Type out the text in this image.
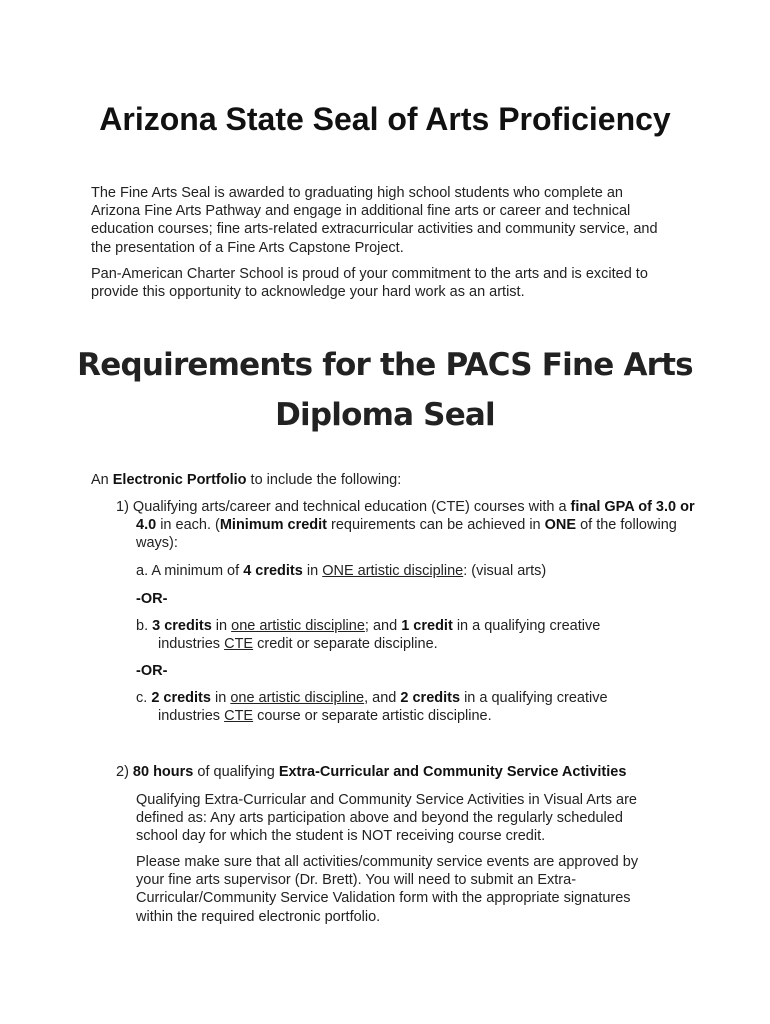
Arizona State Seal of Arts Proficiency

The Fine Arts Seal is awarded to graduating high school students who complete an Arizona Fine Arts Pathway and engage in additional fine arts or career and technical education courses; fine arts-related extracurricular activities and community service, and the presentation of a Fine Arts Capstone Project.

Pan-American Charter School is proud of your commitment to the arts and is excited to provide this opportunity to acknowledge your hard work as an artist.

Requirements for the PACS Fine Arts Diploma Seal

An Electronic Portfolio to include the following:

1) Qualifying arts/career and technical education (CTE) courses with a final GPA of 3.0 or 4.0 in each. (Minimum credit requirements can be achieved in ONE of the following ways):

a. A minimum of 4 credits in ONE artistic discipline: (visual arts)

-OR-

b. 3 credits in one artistic discipline; and 1 credit in a qualifying creative industries CTE credit or separate discipline.

-OR-

c. 2 credits in one artistic discipline, and 2 credits in a qualifying creative industries CTE course or separate artistic discipline.

2) 80 hours of qualifying Extra-Curricular and Community Service Activities

Qualifying Extra-Curricular and Community Service Activities in Visual Arts are defined as: Any arts participation above and beyond the regularly scheduled school day for which the student is NOT receiving course credit.

Please make sure that all activities/community service events are approved by your fine arts supervisor (Dr. Brett). You will need to submit an Extra-Curricular/Community Service Validation form with the appropriate signatures within the required electronic portfolio.
